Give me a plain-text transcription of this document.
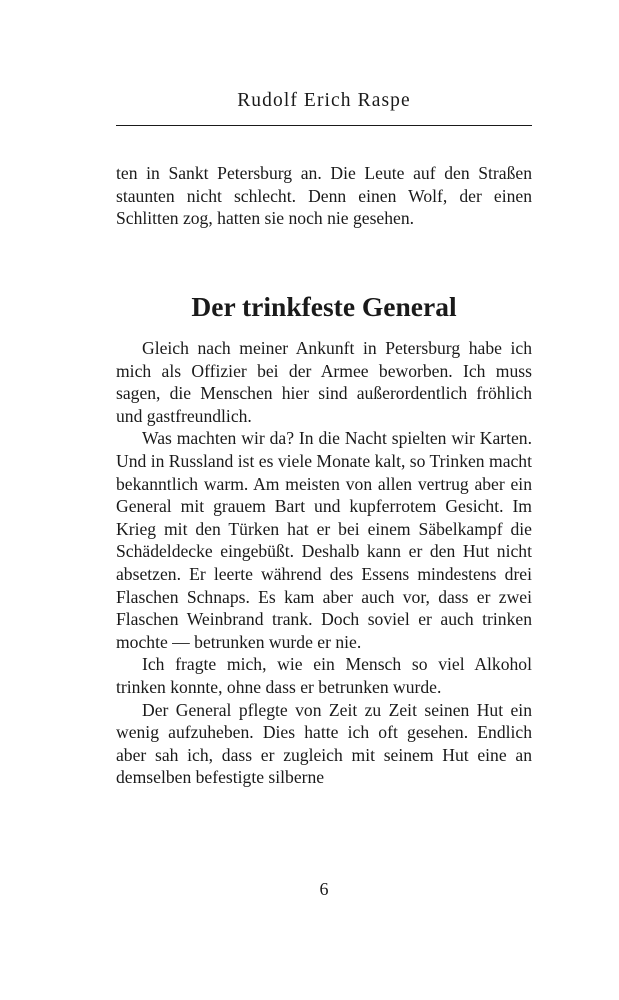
Rudolf Erich Raspe

ten in Sankt Petersburg an. Die Leute auf den Straßen staunten nicht schlecht. Denn einen Wolf, der einen Schlitten zog, hatten sie noch nie gesehen.

Der trinkfeste General

Gleich nach meiner Ankunft in Petersburg habe ich mich als Offizier bei der Armee beworben. Ich muss sagen, die Menschen hier sind außerordentlich fröhlich und gastfreundlich.

Was machten wir da? In die Nacht spielten wir Karten. Und in Russland ist es viele Monate kalt, so Trinken macht bekanntlich warm. Am meisten von allen vertrug aber ein General mit grauem Bart und kupferrotem Gesicht. Im Krieg mit den Türken hat er bei einem Säbelkampf die Schädeldecke eingebüßt. Deshalb kann er den Hut nicht absetzen. Er leerte während des Essens mindestens drei Flaschen Schnaps. Es kam aber auch vor, dass er zwei Flaschen Weinbrand trank. Doch soviel er auch trinken mochte — betrunken wurde er nie.

Ich fragte mich, wie ein Mensch so viel Alkohol trinken konnte, ohne dass er betrunken wurde.

Der General pflegte von Zeit zu Zeit seinen Hut ein wenig aufzuheben. Dies hatte ich oft gesehen. Endlich aber sah ich, dass er zugleich mit seinem Hut eine an demselben befestigte silberne

6
